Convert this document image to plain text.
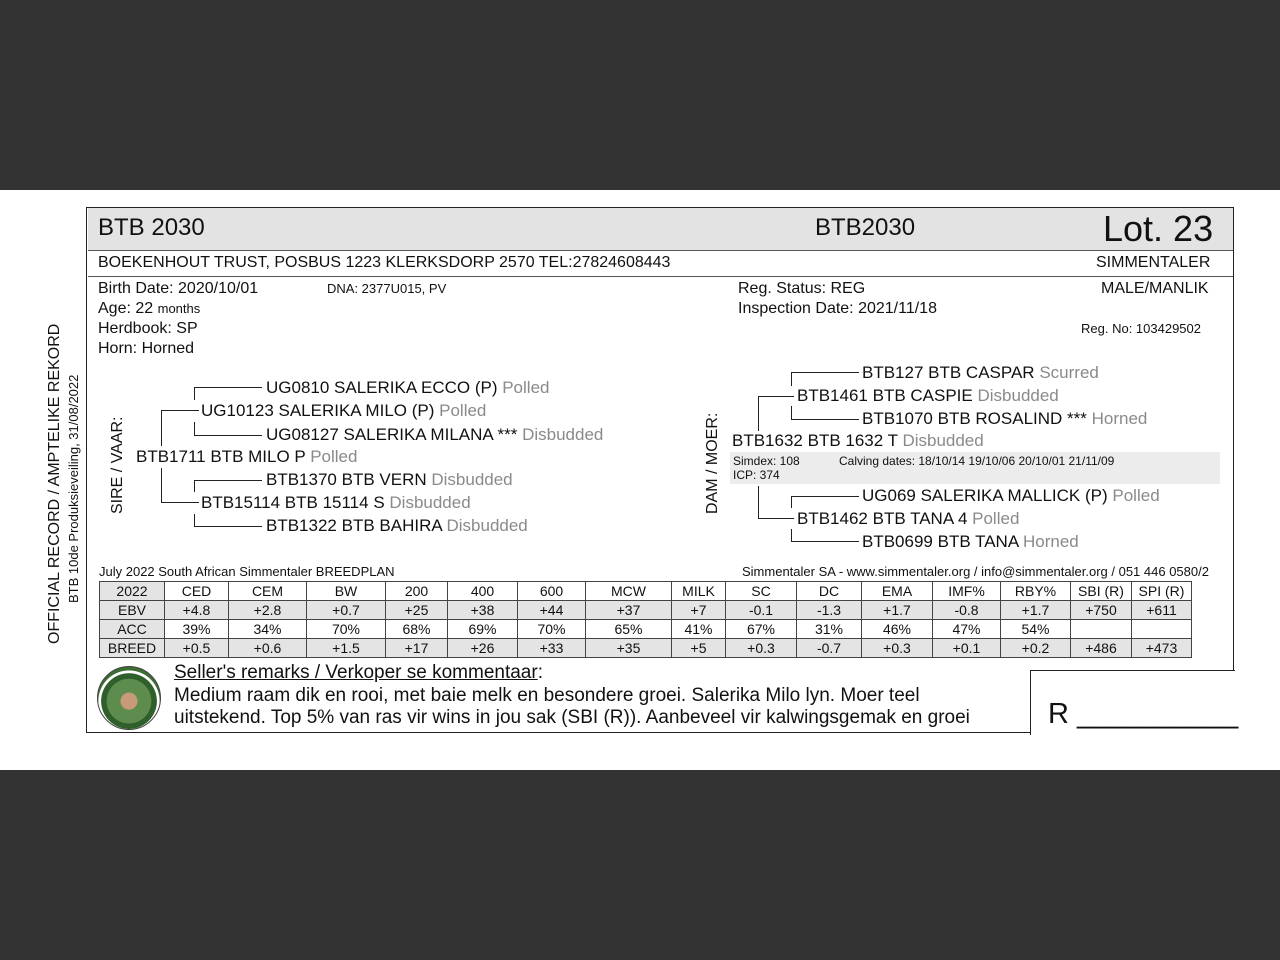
OFFICIAL RECORD / AMPTELIKE REKORD BTB 10de Produksieveiling, 31/08/2022
BTB 2030	BTB2030	Lot. 23
BOEKENHOUT TRUST, POSBUS 1223 KLERKSDORP 2570 TEL:27824608443	SIMMENTALER
Birth Date: 2020/10/01	DNA: 2377U015, PV
Age: 22 months
Herdbook: SP
Horn: Horned
Reg. Status: REG
Inspection Date: 2021/11/18
MALE/MANLIK
Reg. No: 103429502
SIRE / VAAR:
UG0810 SALERIKA ECCO (P) Polled
UG10123 SALERIKA MILO (P) Polled
UG08127 SALERIKA MILANA *** Disbudded
BTB1711 BTB MILO P Polled
BTB1370 BTB VERN Disbudded
BTB15114 BTB 15114 S Disbudded
BTB1322 BTB BAHIRA Disbudded
DAM / MOER:
BTB127 BTB CASPAR Scurred
BTB1461 BTB CASPIE Disbudded
BTB1070 BTB ROSALIND *** Horned
BTB1632 BTB 1632 T Disbudded
Simdex: 108	Calving dates: 18/10/14 19/10/06 20/10/01 21/11/09
ICP: 374
UG069 SALERIKA MALLICK (P) Polled
BTB1462 BTB TANA 4 Polled
BTB0699 BTB TANA Horned
July 2022 South African Simmentaler BREEDPLAN	Simmentaler SA - www.simmentaler.org / info@simmentaler.org / 051 446 0580/2
2022	CED	CEM	BW	200	400	600	MCW	MILK	SC	DC	EMA	IMF%	RBY%	SBI (R)	SPI (R)
EBV	+4.8	+2.8	+0.7	+25	+38	+44	+37	+7	-0.1	-1.3	+1.7	-0.8	+1.7	+750	+611
ACC	39%	34%	70%	68%	69%	70%	65%	41%	67%	31%	46%	47%	54%		
BREED	+0.5	+0.6	+1.5	+17	+26	+33	+35	+5	+0.3	-0.7	+0.3	+0.1	+0.2	+486	+473
Seller's remarks / Verkoper se kommentaar:
Medium raam dik en rooi, met baie melk en besondere groei. Salerika Milo lyn. Moer teel
uitstekend. Top 5% van ras vir wins in jou sak (SBI (R)). Aanbeveel vir kalwingsgemak en groei	R __________
